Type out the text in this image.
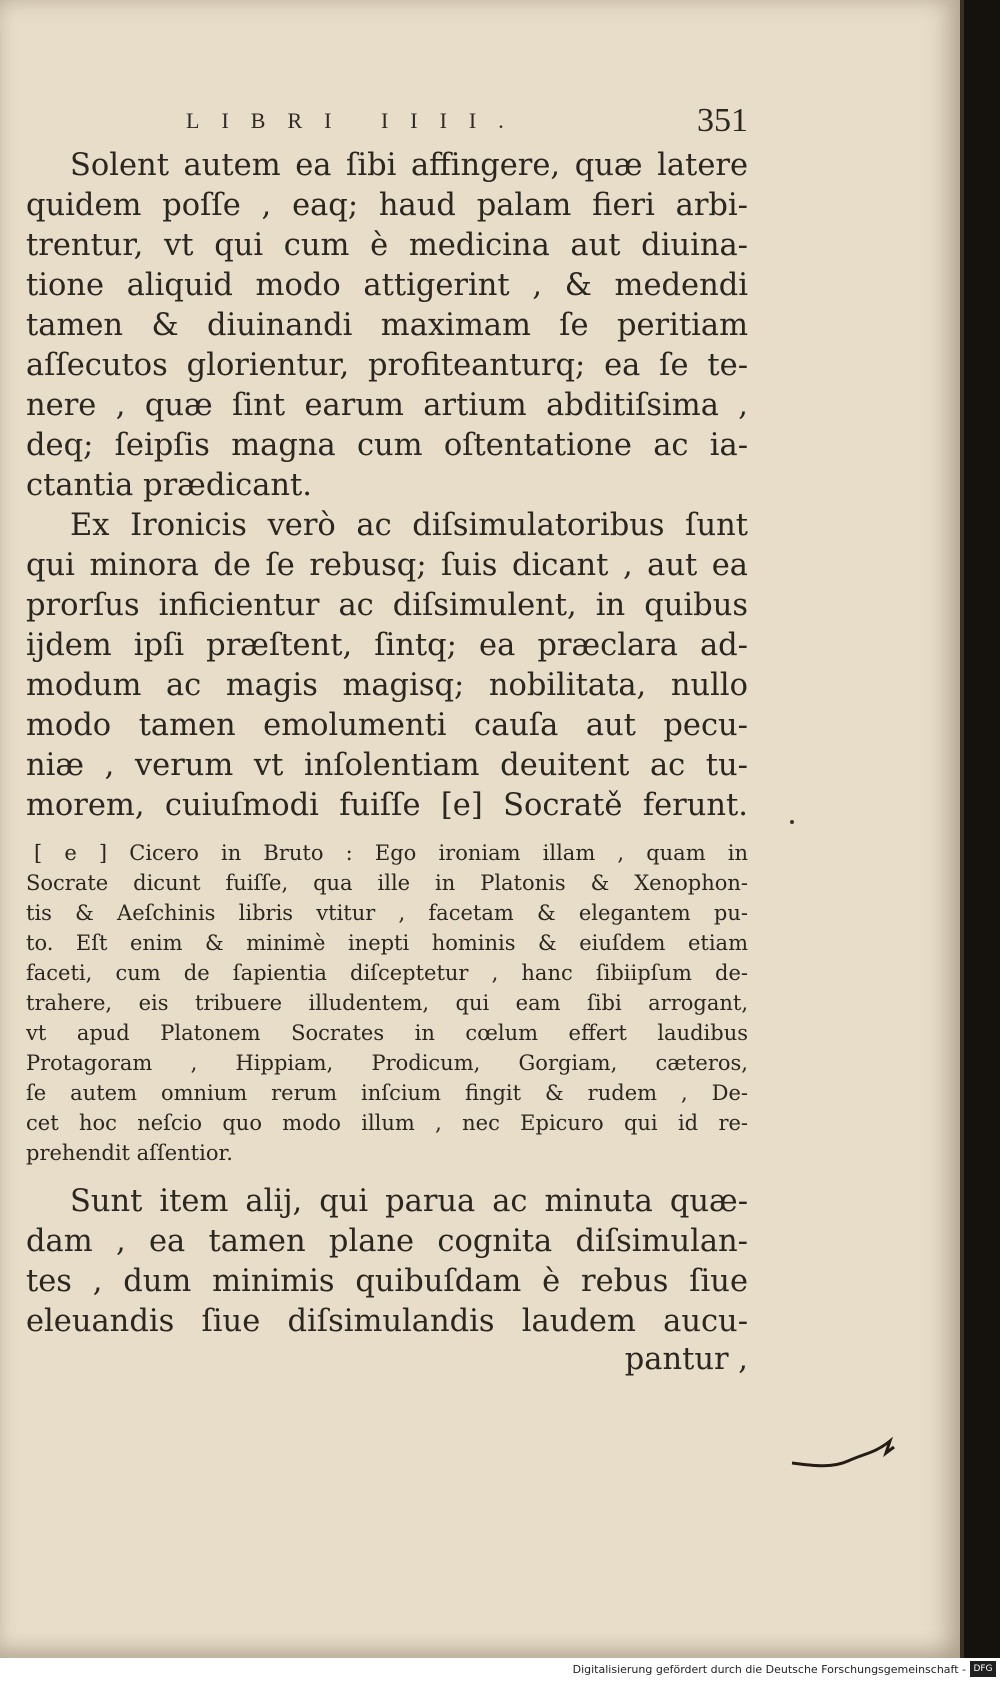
LIBRI IIII.	351
Solent autem ea ſibi affingere, quæ latere
quidem poſſe , eaq; haud palam fieri arbi-
trentur, vt qui cum è medicina aut diuina-
tione aliquid modo attigerint , & medendi
tamen & diuinandi maximam ſe peritiam
aſſecutos glorientur, profiteanturq; ea ſe te-
nere , quæ ſint earum artium abditiſsima ,
deq; ſeipſis magna cum oſtentatione ac ia-
ctantia prædicant.
Ex Ironicis verò ac diſsimulatoribus ſunt
qui minora de ſe rebusq; ſuis dicant , aut ea
prorſus inficientur ac diſsimulent, in quibus
ijdem ipſi præſtent, ſintq; ea præclara ad-
modum ac magis magisq; nobilitata, nullo
modo tamen emolumenti cauſa aut pecu-
niæ , verum vt inſolentiam deuitent ac tu-
morem, cuiuſmodi fuiſſe [e] Socratě ferunt.
[ e ] Cicero in Bruto : Ego ironiam illam , quam in
Socrate dicunt fuiſſe, qua ille in Platonis & Xenophon-
tis & Aeſchinis libris vtitur , facetam & elegantem pu-
to. Eſt enim & minimè inepti hominis & eiuſdem etiam
faceti, cum de ſapientia diſceptetur , hanc ſibiipſum de-
trahere, eis tribuere illudentem, qui eam ſibi arrogant,
vt apud Platonem Socrates in cœlum effert laudibus
Protagoram , Hippiam, Prodicum, Gorgiam, cæteros,
ſe autem omnium rerum inſcium fingit & rudem , De-
cet hoc neſcio quo modo illum , nec Epicuro qui id re-
prehendit aſſentior.
Sunt item alij, qui parua ac minuta quæ-
dam , ea tamen plane cognita diſsimulan-
tes , dum minimis quibuſdam è rebus ſiue
eleuandis ſiue diſsimulandis laudem aucu-
pantur ,
Digitalisierung gefördert durch die Deutsche Forschungsgemeinschaft - DFG
